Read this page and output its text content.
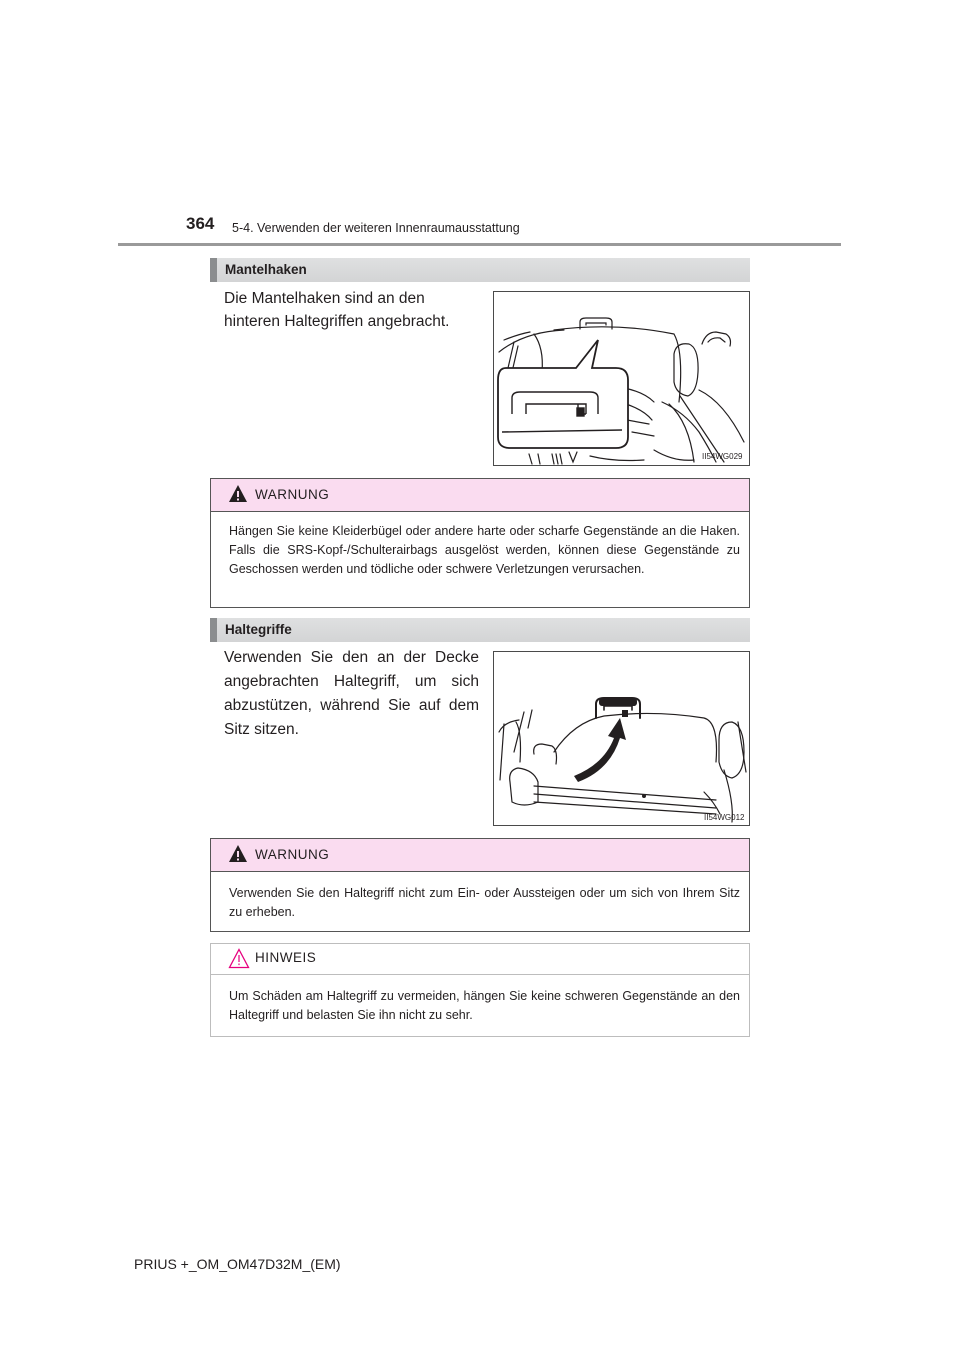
364 5-4. Verwenden der weiteren Innenraumausstattung
Mantelhaken
Die Mantelhaken sind an den hinteren Haltegriffen angebracht.
II54WG029
WARNUNG
Hängen Sie keine Kleiderbügel oder andere harte oder scharfe Gegenstände an die Haken. Falls die SRS-Kopf-/Schulterairbags ausgelöst werden, können diese Gegenstände zu Geschossen werden und tödliche oder schwere Verletzungen verursachen.
Haltegriffe
Verwenden Sie den an der Decke angebrachten Haltegriff, um sich abzustützen, während Sie auf dem Sitz sitzen.
II54WG012
WARNUNG
Verwenden Sie den Haltegriff nicht zum Ein- oder Aussteigen oder um sich von Ihrem Sitz zu erheben.
HINWEIS
Um Schäden am Haltegriff zu vermeiden, hängen Sie keine schweren Gegenstände an den Haltegriff und belasten Sie ihn nicht zu sehr.
PRIUS +_OM_OM47D32M_(EM)
